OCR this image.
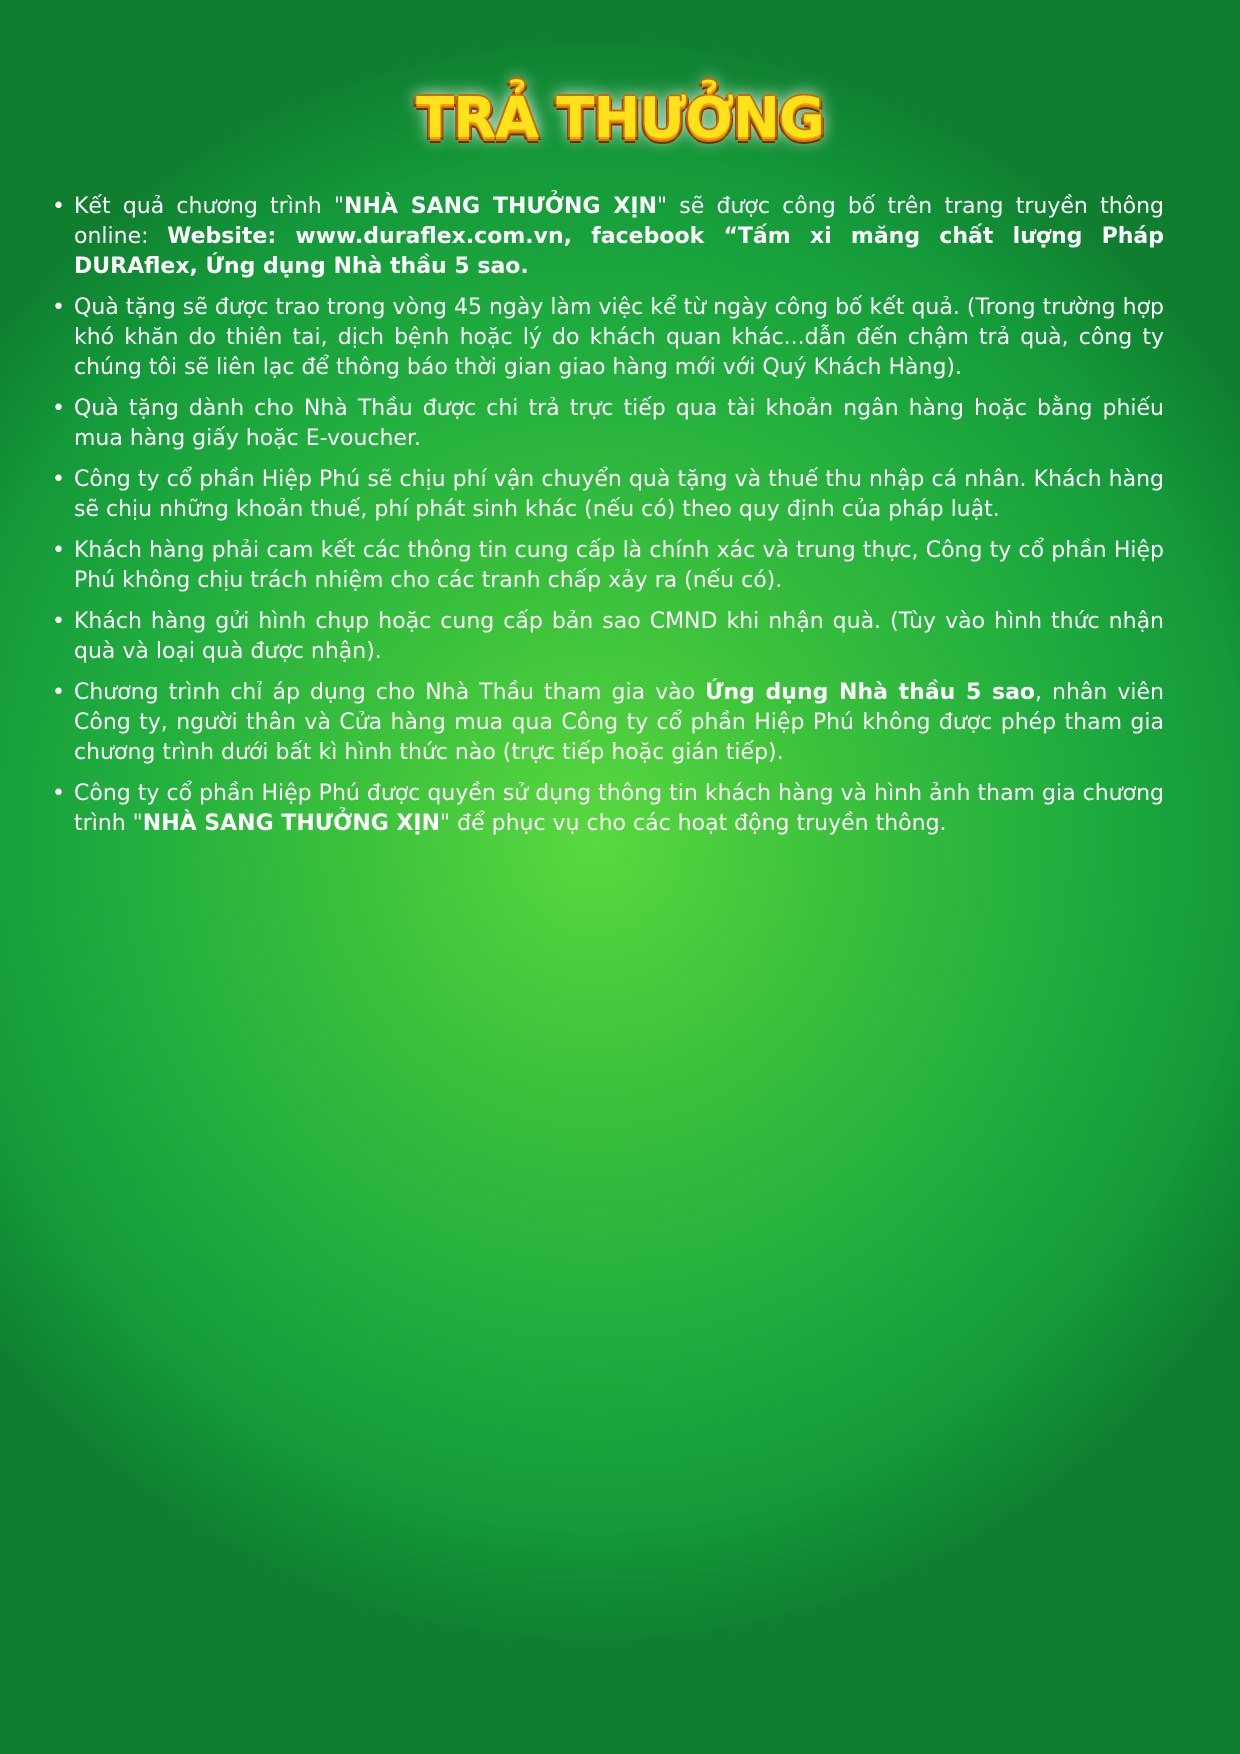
TRẢ THƯỞNG
• Kết quả chương trình "NHÀ SANG THƯỞNG XỊN" sẽ được công bố trên trang truyền thông online: Website: www.duraflex.com.vn, facebook “Tấm xi măng chất lượng Pháp DURAflex, Ứng dụng Nhà thầu 5 sao.
• Quà tặng sẽ được trao trong vòng 45 ngày làm việc kể từ ngày công bố kết quả. (Trong trường hợp khó khăn do thiên tai, dịch bệnh hoặc lý do khách quan khác...dẫn đến chậm trả quà, công ty chúng tôi sẽ liên lạc để thông báo thời gian giao hàng mới với Quý Khách Hàng).
• Quà tặng dành cho Nhà Thầu được chi trả trực tiếp qua tài khoản ngân hàng hoặc bằng phiếu mua hàng giấy hoặc E-voucher.
• Công ty cổ phần Hiệp Phú sẽ chịu phí vận chuyển quà tặng và thuế thu nhập cá nhân. Khách hàng sẽ chịu những khoản thuế, phí phát sinh khác (nếu có) theo quy định của pháp luật.
• Khách hàng phải cam kết các thông tin cung cấp là chính xác và trung thực, Công ty cổ phần Hiệp Phú không chịu trách nhiệm cho các tranh chấp xảy ra (nếu có).
• Khách hàng gửi hình chụp hoặc cung cấp bản sao CMND khi nhận quà. (Tùy vào hình thức nhận quà và loại quà được nhận).
• Chương trình chỉ áp dụng cho Nhà Thầu tham gia vào Ứng dụng Nhà thầu 5 sao, nhân viên Công ty, người thân và Cửa hàng mua qua Công ty cổ phần Hiệp Phú không được phép tham gia chương trình dưới bất kì hình thức nào (trực tiếp hoặc gián tiếp).
• Công ty cổ phần Hiệp Phú được quyền sử dụng thông tin khách hàng và hình ảnh tham gia chương trình "NHÀ SANG THƯỞNG XỊN" để phục vụ cho các hoạt động truyền thông.
